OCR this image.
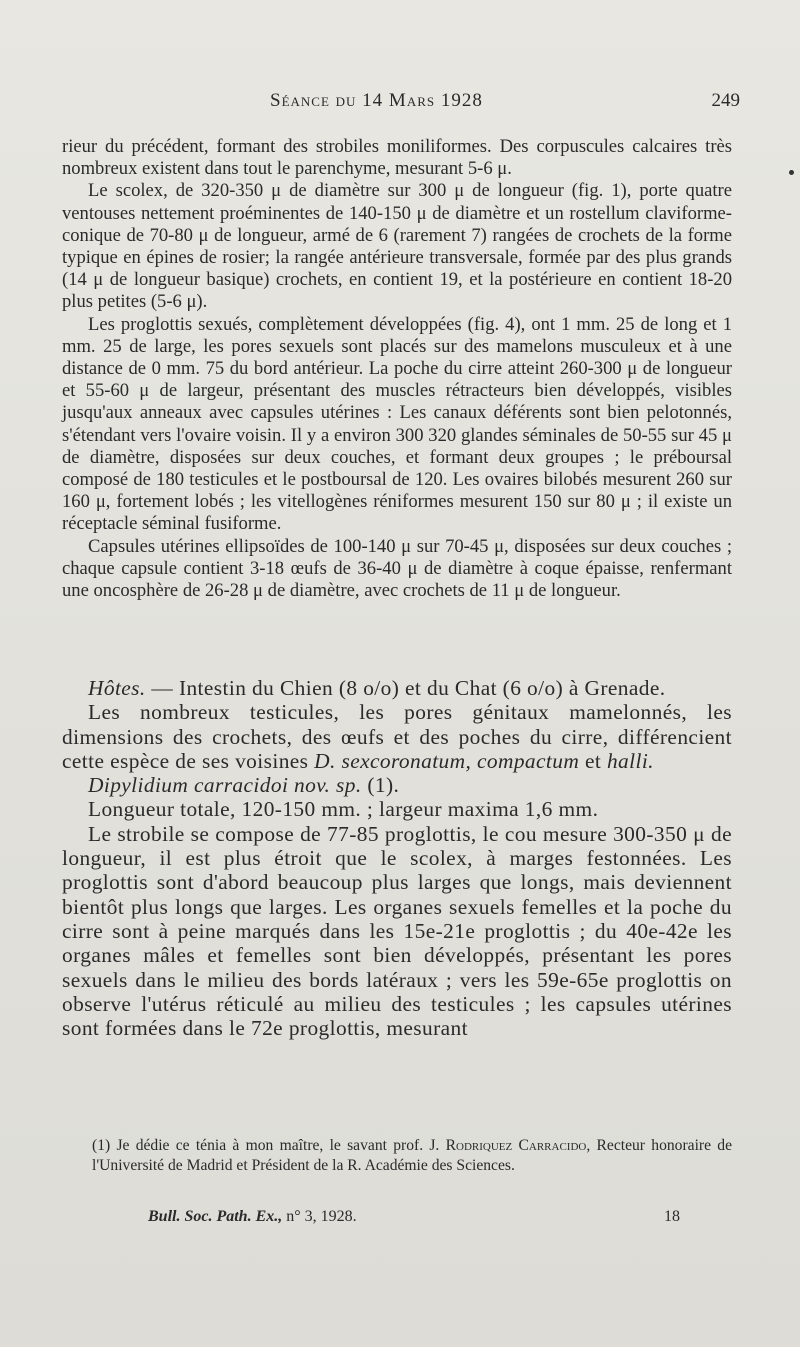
Séance du 14 Mars 1928	249

rieur du précédent, formant des strobiles moniliformes. Des corpuscules calcaires très nombreux existent dans tout le parenchyme, mesurant 5-6 μ.

Le scolex, de 320-350 μ de diamètre sur 300 μ de longueur (fig. 1), porte quatre ventouses nettement proéminentes de 140-150 μ de diamètre et un rostellum claviforme-conique de 70-80 μ de longueur, armé de 6 (rarement 7) rangées de crochets de la forme typique en épines de rosier; la rangée antérieure transversale, formée par des plus grands (14 μ de longueur basique) crochets, en contient 19, et la postérieure en contient 18-20 plus petites (5-6 μ).

Les proglottis sexués, complètement développées (fig. 4), ont 1 mm. 25 de long et 1 mm. 25 de large, les pores sexuels sont placés sur des mamelons musculeux et à une distance de 0 mm. 75 du bord antérieur. La poche du cirre atteint 260-300 μ de longueur et 55-60 μ de largeur, présentant des muscles rétracteurs bien développés, visibles jusqu'aux anneaux avec capsules utérines : Les canaux déférents sont bien pelotonnés, s'étendant vers l'ovaire voisin. Il y a environ 300 320 glandes séminales de 50-55 sur 45 μ de diamètre, disposées sur deux couches, et formant deux groupes ; le préboursal composé de 180 testicules et le postboursal de 120. Les ovaires bilobés mesurent 260 sur 160 μ, fortement lobés ; les vitellogènes réniformes mesurent 150 sur 80 μ ; il existe un réceptacle séminal fusiforme.

Capsules utérines ellipsoïdes de 100-140 μ sur 70-45 μ, disposées sur deux couches ; chaque capsule contient 3-18 œufs de 36-40 μ de diamètre à coque épaisse, renfermant une oncosphère de 26-28 μ de diamètre, avec crochets de 11 μ de longueur.

Hôtes. — Intestin du Chien (8 o/o) et du Chat (6 o/o) à Grenade.

Les nombreux testicules, les pores génitaux mamelonnés, les dimensions des crochets, des œufs et des poches du cirre, différencient cette espèce de ses voisines D. sexcoronatum, compactum et halli.

Dipylidium carracidoi nov. sp. (1).

Longueur totale, 120-150 mm. ; largeur maxima 1,6 mm.

Le strobile se compose de 77-85 proglottis, le cou mesure 300-350 μ de longueur, il est plus étroit que le scolex, à marges festonnées. Les proglottis sont d'abord beaucoup plus larges que longs, mais deviennent bientôt plus longs que larges. Les organes sexuels femelles et la poche du cirre sont à peine marqués dans les 15e-21e proglottis ; du 40e-42e les organes mâles et femelles sont bien développés, présentant les pores sexuels dans le milieu des bords latéraux ; vers les 59e-65e proglottis on observe l'utérus réticulé au milieu des testicules ; les capsules utérines sont formées dans le 72e proglottis, mesurant

(1) Je dédie ce ténia à mon maître, le savant prof. J. Rodriquez Carracido, Recteur honoraire de l'Université de Madrid et Président de la R. Académie des Sciences.

Bull. Soc. Path. Ex., n° 3, 1928.	18
